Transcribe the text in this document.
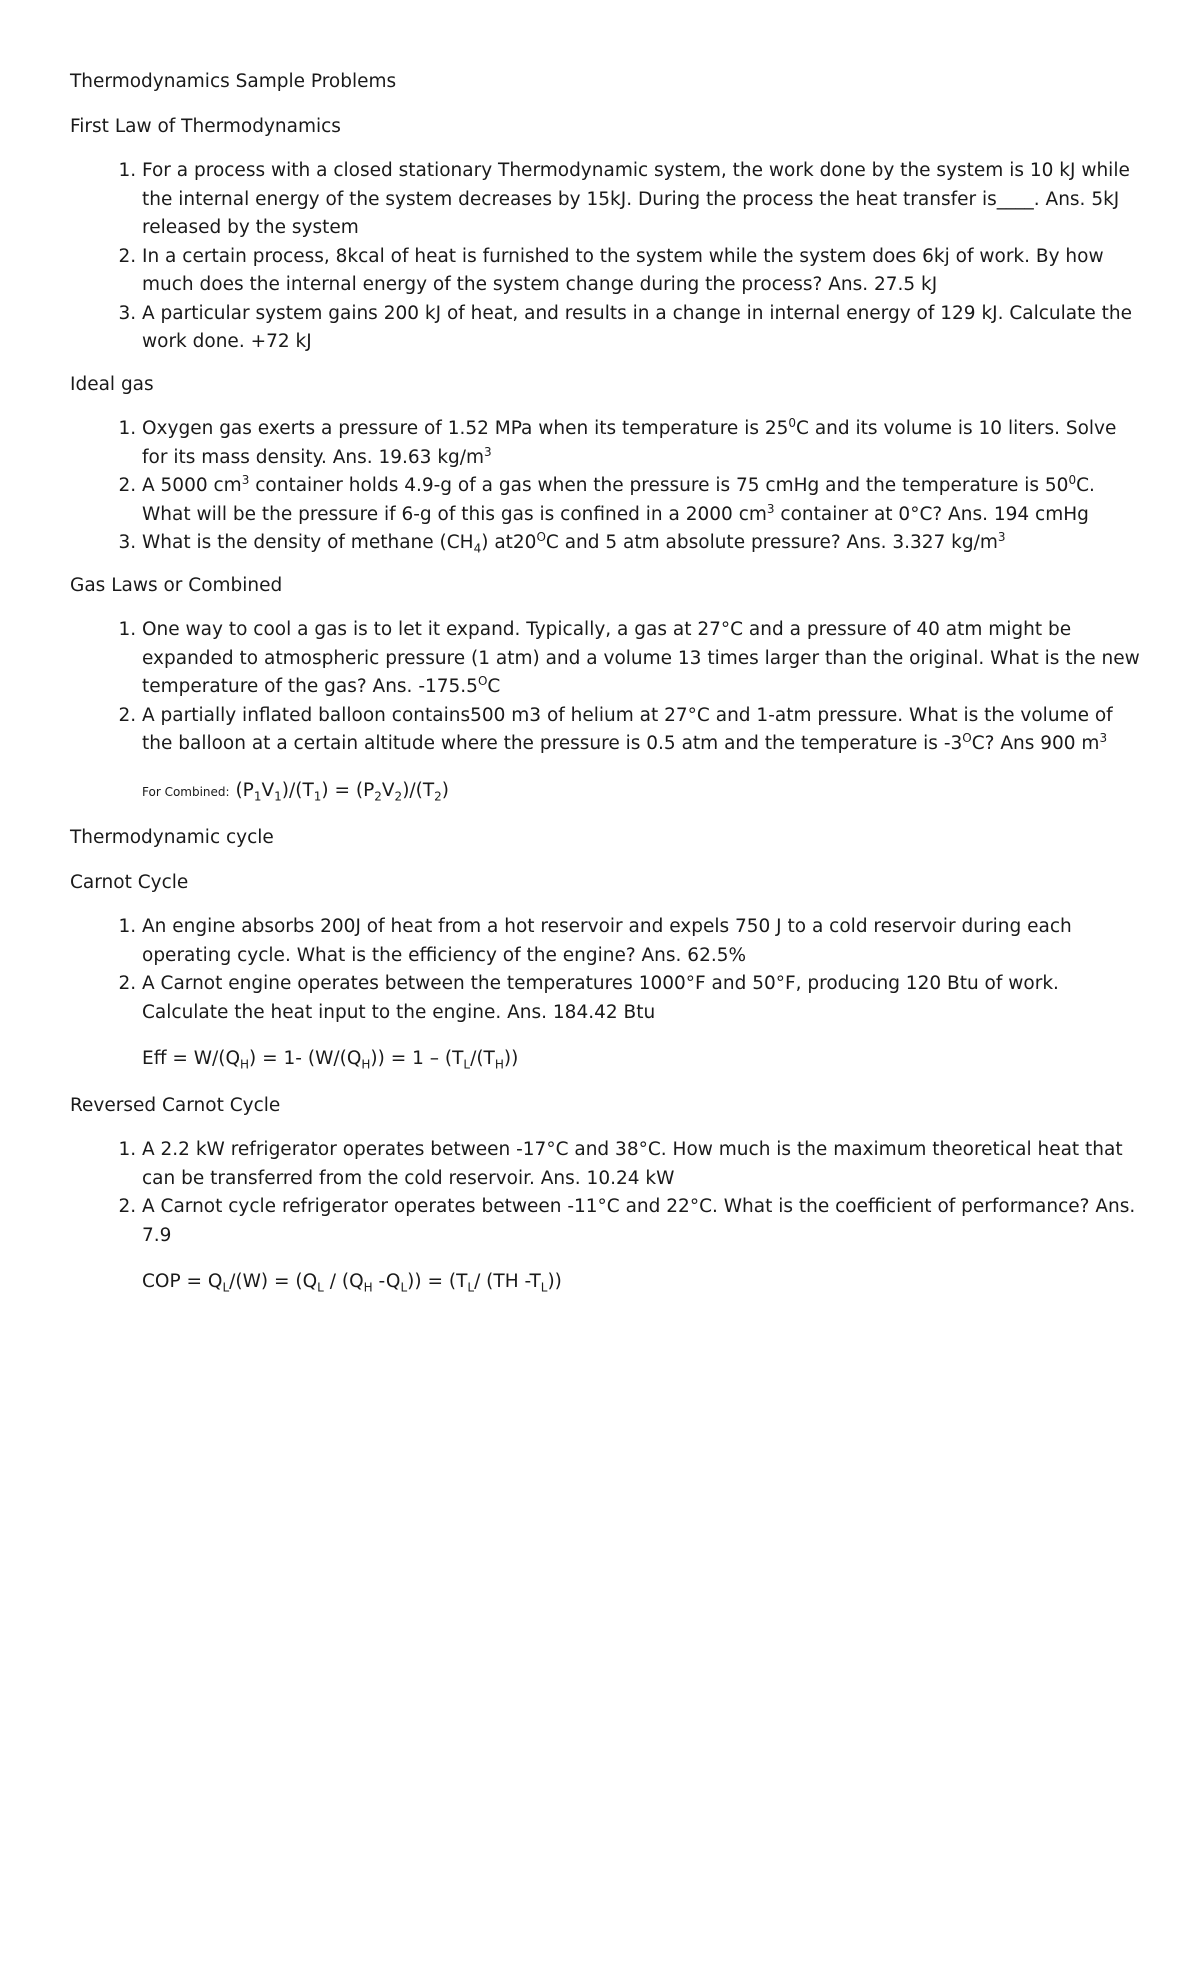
Thermodynamics Sample Problems

First Law of Thermodynamics

1. For a process with a closed stationary Thermodynamic system, the work done by the system is 10 kJ while the internal energy of the system decreases by 15kJ. During the process the heat transfer is____. Ans. 5kJ released by the system
2. In a certain process, 8kcal of heat is furnished to the system while the system does 6kj of work. By how much does the internal energy of the system change during the process? Ans. 27.5 kJ
3. A particular system gains 200 kJ of heat, and results in a change in internal energy of 129 kJ. Calculate the work done. +72 kJ

Ideal gas

1. Oxygen gas exerts a pressure of 1.52 MPa when its temperature is $25^0C$ and its volume is 10 liters. Solve for its mass density. Ans. 19.63 $kg/m^3$
2. A 5000 $cm^3$ container holds 4.9-g of a gas when the pressure is 75 cmHg and the temperature is $50^0C$. What will be the pressure if 6-g of this gas is confined in a 2000 $cm^3$ container at 0°C? Ans. 194 cmHg
3. What is the density of methane $(CH_4)$ $at20^OC$ and 5 atm absolute pressure? Ans. 3.327 $kg/m^3$

Gas Laws or Combined

1. One way to cool a gas is to let it expand. Typically, a gas at 27°C and a pressure of 40 atm might be expanded to atmospheric pressure (1 atm) and a volume 13 times larger than the original. What is the new temperature of the gas? Ans. $-175.5^OC$
2. A partially inflated balloon contains500 m3 of helium at 27°C and 1-atm pressure. What is the volume of the balloon at a certain altitude where the pressure is 0.5 atm and the temperature is $-3^OC$? Ans 900 $m^3$

For Combined: $(P_1V_1)/(T_1) = (P_2V_2)/(T_2)$

Thermodynamic cycle

Carnot Cycle

1. An engine absorbs 200J of heat from a hot reservoir and expels 750 J to a cold reservoir during each operating cycle. What is the efficiency of the engine? Ans. 62.5%
2. A Carnot engine operates between the temperatures 1000°F and 50°F, producing 120 Btu of work. Calculate the heat input to the engine. Ans. 184.42 Btu

Eff = $W/(Q_H) = 1-$ $(W/(Q_H)) = 1 - (T_L/(T_H))$

Reversed Carnot Cycle

1. A 2.2 kW refrigerator operates between -17°C and 38°C. How much is the maximum theoretical heat that can be transferred from the cold reservoir. Ans. 10.24 kW
2. A Carnot cycle refrigerator operates between -11°C and 22°C. What is the coefficient of performance? Ans. 7.9

COP = $Q_L/(W) = (Q_L / (Q_H$ $-Q_L)) = (T_L/$ (TH $-T_L$))
